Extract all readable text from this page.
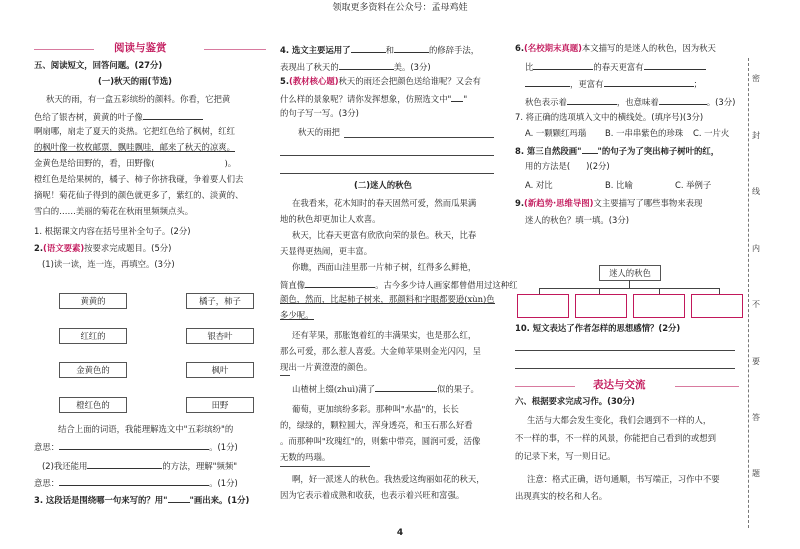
领取更多资料在公众号：孟母鸡娃
阅读与鉴赏
五、阅读短文，回答问题。(27分)
(一)秋天的雨(节选)
秋天的雨，有一盒五彩缤纷的颜料。你看，它把黄
色给了银杏树，黄黄的叶子像
啊扇哪，扇走了夏天的炎热。它把红色给了枫树，红红
的枫叶像一枚枚邮票，飘哇飘哇，邮来了秋天的凉爽。
金黄色是给田野的，看，田野像(	)。
橙红色是给果树的，橘子、柿子你挤我碰，争着要人们去
摘呢！菊花仙子得到的颜色就更多了，紫红的、淡黄的、
雪白的……美丽的菊花在秋雨里频频点头。
1. 根据课文内容在括号里补全句子。(2分)
2.(语文要素)按要求完成题目。(5分)
(1)读一读，连一连，再填空。(3分)
黄黄的
红红的
金黄色的
橙红色的
橘子，柿子
银杏叶
枫叶
田野
结合上面的词语，我能理解选文中"五彩缤纷"的
意思：	。(1分)
(2)我还能用	的方法，理解"频频"
意思：	。(1分)
3. 这段话是围绕哪一句来写的？用"	"画出来。(1分)
4. 选文主要运用了	和	的修辞手法，
表现出了秋天的	美。(3分)
5.(教材核心题)秋天的雨还会把颜色送给谁呢？又会有
什么样的景象呢？请你发挥想象，仿照选文中" "
的句子写一写。(3分)
秋天的雨把
(二)迷人的秋色
在我看来，花木知时的春天固然可爱，然而瓜果满
地的秋色却更加让人欢喜。
秋天，比春天更富有欣欣向荣的景色。秋天，比春
天显得更热闹，更丰富。
你瞧，西面山洼里那一片柿子树，红得多么鲜艳，
简直像	。古今多少诗人画家都曾借用过这种红
颜色，然而，比起柿子树来，那颜料和字眼都要逊(xùn)色
多少呢。
还有苹果，那胀饱着红的丰满果实，也是那么红，
那么可爱，那么惹人喜爱。大金帅苹果则金光闪闪，呈
现出一片黄澄澄的颜色。
山楂树上缀(zhuì)满了	似的果子。
葡萄，更加缤纷多彩。那种叫"水晶"的，长长
的，绿绿的，颗粒圆大，浑身透亮，和玉石那么好看
。而那种叫"玫瑰红"的，则紫中带亮，圆润可爱，活像
无数的玛瑙。
啊，好一派迷人的秋色。我热爱这绚丽如花的秋天，
因为它表示着成熟和收获，也表示着兴旺和富强。
6.(名校期末真题)本文描写的是迷人的秋色，因为秋天
比	的春天更富有
，更富有	；
秋色表示着	，也意味着	。(3分)
7. 将正确的选项填入文中的横线处。(填序号)(3分)
A. 一颗颗红玛瑙 B. 一串串紫色的珍珠 C. 一片火
8. 第三自然段画" "的句子为了突出柿子树叶的红，
用的方法是( )(2分)
A. 对比	B. 比喻	C. 举例子
9.(新趋势·思维导图)文主要描写了哪些事物来表现
迷人的秋色？填一填。(3分)
迷人的秋色
10. 短文表达了作者怎样的思想感情？(2分)
表达与交流
六、根据要求完成习作。(30分)
生活与大都会发生变化，我们会遇到不一样的人，
不一样的事，不一样的风景，你能把自己看到的或想到
的记录下来，写一则日记。
注意：格式正确，语句通顺，书写端正，习作中不要
出现真实的校名和人名。
密
封
线
内
不
要
答
题
4
